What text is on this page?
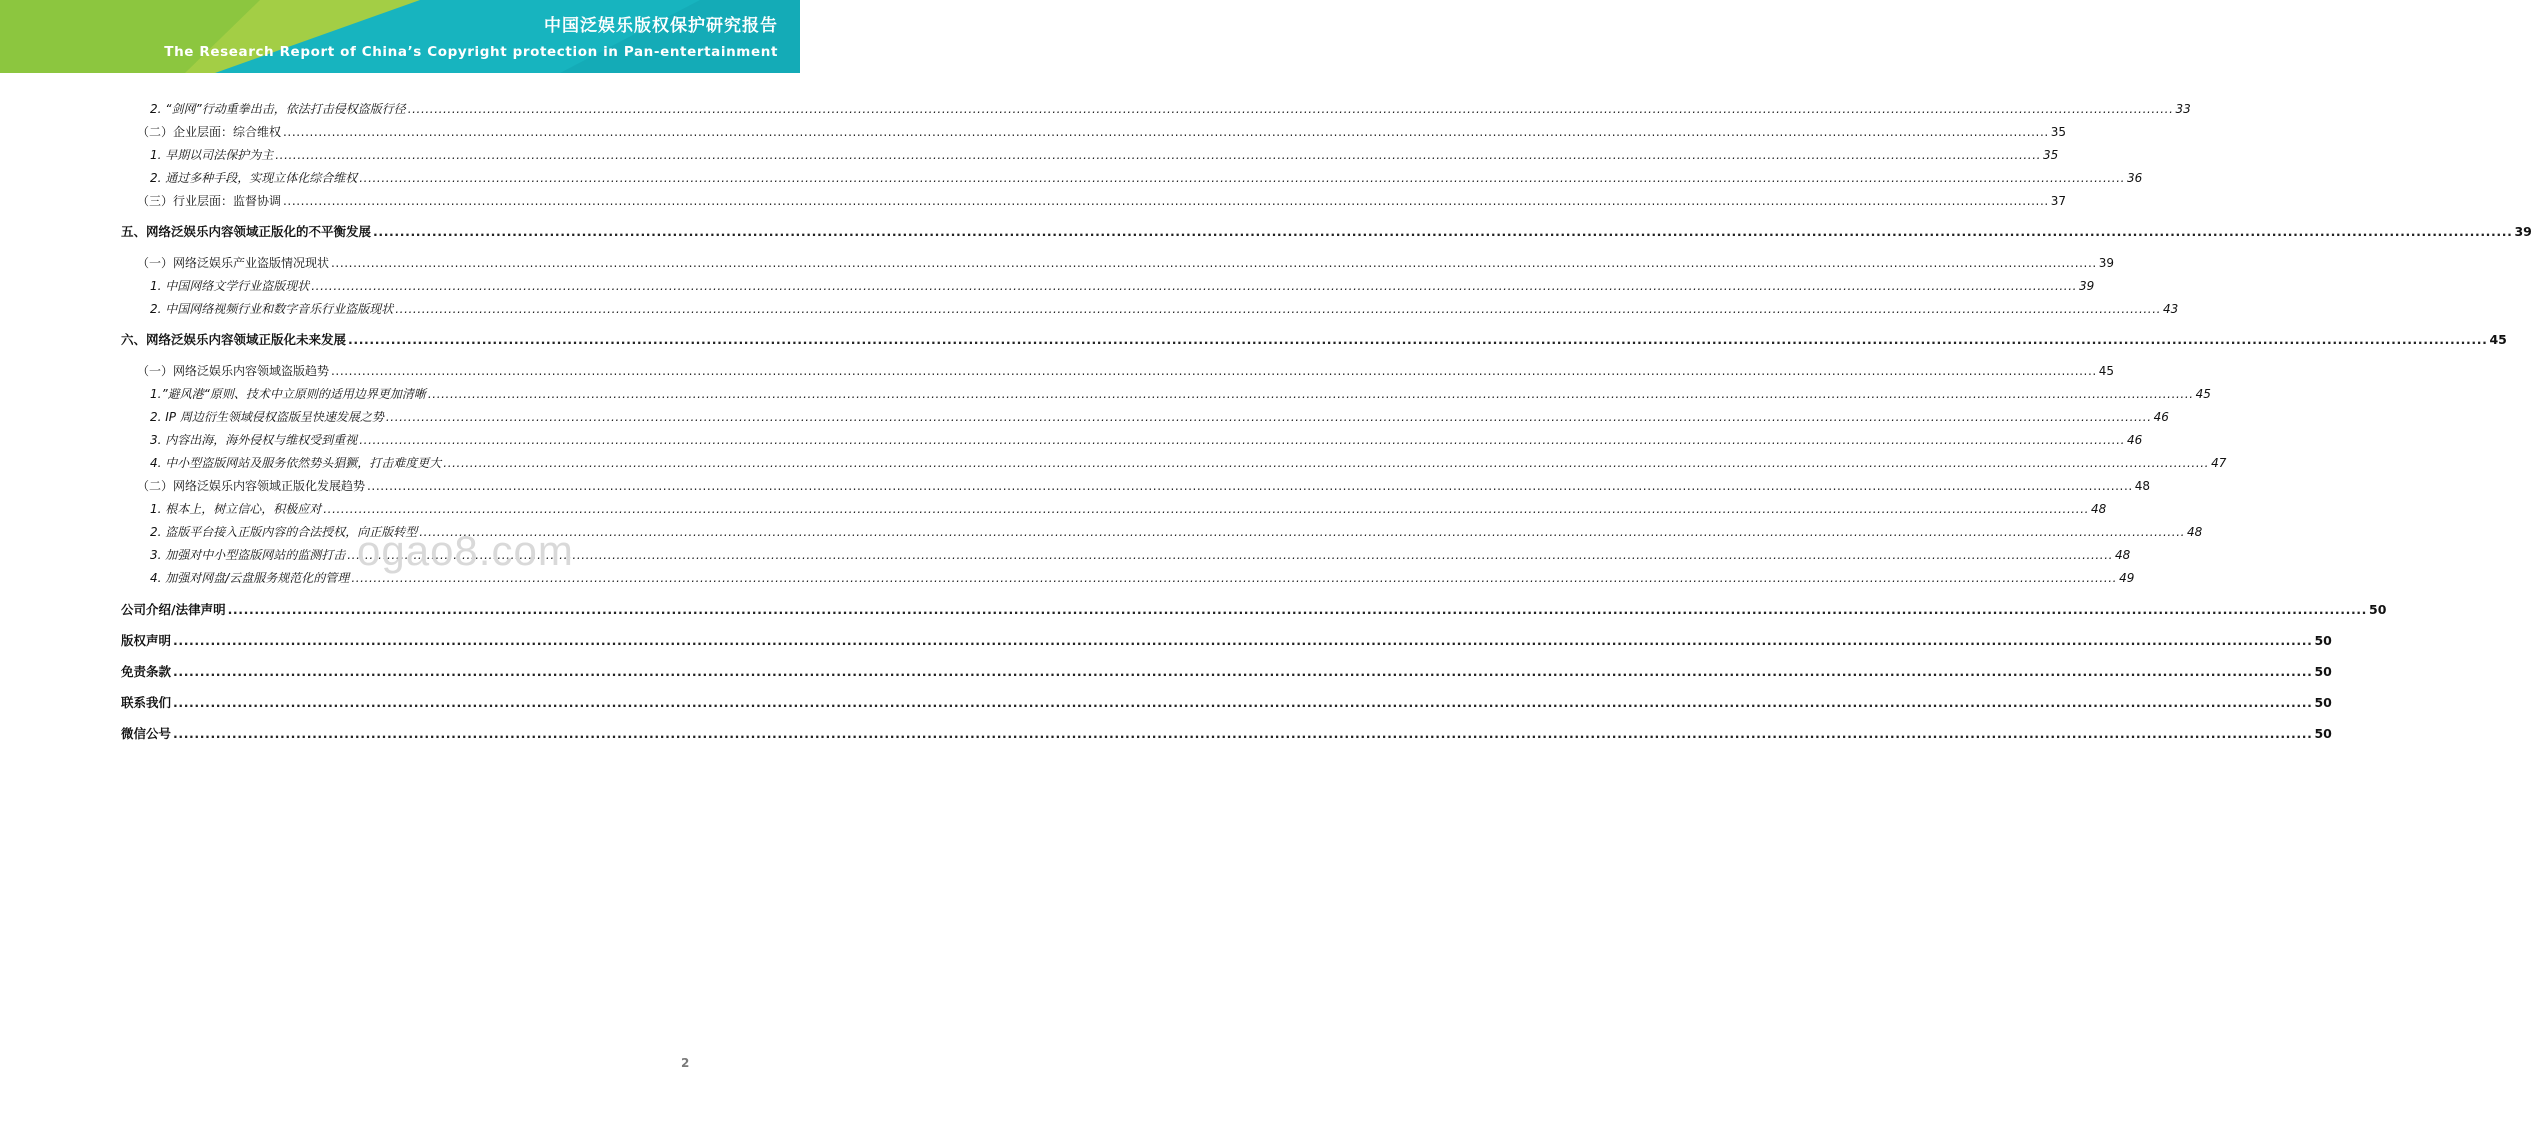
中国泛娱乐版权保护研究报告
The Research Report of China’s Copyright protection in Pan-entertainment
2. “剑网”行动重拳出击，依法打击侵权盗版行径 ................................................................................................................................................................................................................................................................................................................................................................................................................ 33
（二）企业层面：综合维权 ................................................................................................................................................................................................................................................................................................................................................................................................................ 35
1. 早期以司法保护为主 ................................................................................................................................................................................................................................................................................................................................................................................................................ 35
2. 通过多种手段，实现立体化综合维权 ................................................................................................................................................................................................................................................................................................................................................................................................................ 36
（三）行业层面：监督协调 ................................................................................................................................................................................................................................................................................................................................................................................................................ 37
五、网络泛娱乐内容领域正版化的不平衡发展 ................................................................................................................................................................................................................................................................................................................................................................................................................ 39
（一）网络泛娱乐产业盗版情况现状 ................................................................................................................................................................................................................................................................................................................................................................................................................ 39
1. 中国网络文学行业盗版现状 ................................................................................................................................................................................................................................................................................................................................................................................................................ 39
2. 中国网络视频行业和数字音乐行业盗版现状 ................................................................................................................................................................................................................................................................................................................................................................................................................ 43
六、网络泛娱乐内容领域正版化未来发展 ................................................................................................................................................................................................................................................................................................................................................................................................................ 45
（一）网络泛娱乐内容领域盗版趋势 ................................................................................................................................................................................................................................................................................................................................................................................................................ 45
1.”避风港“原则、技术中立原则的适用边界更加清晰 ................................................................................................................................................................................................................................................................................................................................................................................................................ 45
2. IP 周边衍生领域侵权盗版呈快速发展之势 ................................................................................................................................................................................................................................................................................................................................................................................................................ 46
3. 内容出海，海外侵权与维权受到重视 ................................................................................................................................................................................................................................................................................................................................................................................................................ 46
4. 中小型盗版网站及服务依然势头猖獗，打击难度更大 ................................................................................................................................................................................................................................................................................................................................................................................................................ 47
（二）网络泛娱乐内容领域正版化发展趋势 ................................................................................................................................................................................................................................................................................................................................................................................................................ 48
1. 根本上，树立信心，积极应对 ................................................................................................................................................................................................................................................................................................................................................................................................................ 48
2. 盗版平台接入正版内容的合法授权，向正版转型 ................................................................................................................................................................................................................................................................................................................................................................................................................ 48
3. 加强对中小型盗版网站的监测打击 ................................................................................................................................................................................................................................................................................................................................................................................................................ 48
4. 加强对网盘/云盘服务规范化的管理 ................................................................................................................................................................................................................................................................................................................................................................................................................ 49
公司介绍/法律声明 ................................................................................................................................................................................................................................................................................................................................................................................................................ 50
版权声明 ................................................................................................................................................................................................................................................................................................................................................................................................................ 50
免责条款 ................................................................................................................................................................................................................................................................................................................................................................................................................ 50
联系我们 ................................................................................................................................................................................................................................................................................................................................................................................................................ 50
微信公号 ................................................................................................................................................................................................................................................................................................................................................................................................................ 50
ogao8.com
2
